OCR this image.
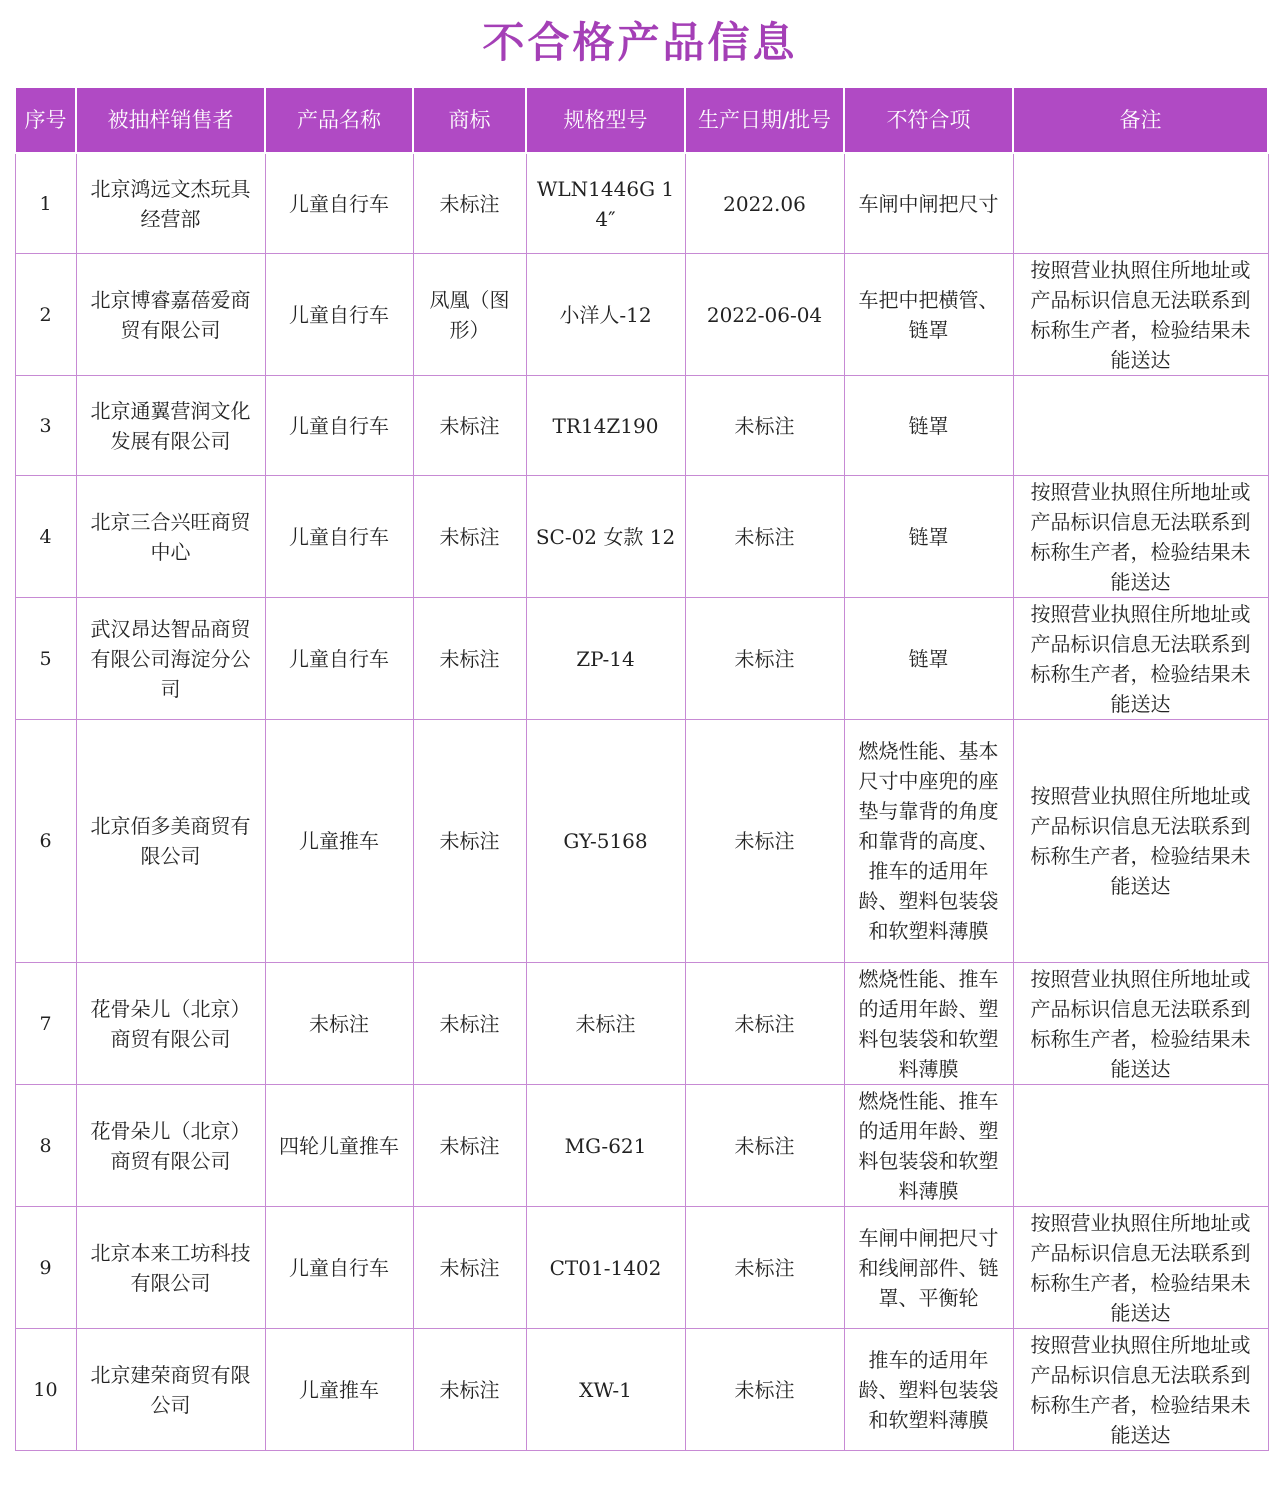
不合格产品信息
序号	被抽样销售者	产品名称	商标	规格型号	生产日期/批号	不符合项	备注
1	北京鸿远文杰玩具经营部	儿童自行车	未标注	WLN1446G 14″	2022.06	车闸中闸把尺寸	
2	北京博睿嘉蓓爱商贸有限公司	儿童自行车	凤凰（图形）	小洋人-12	2022-06-04	车把中把横管、链罩	按照营业执照住所地址或产品标识信息无法联系到标称生产者，检验结果未能送达
3	北京通翼营润文化发展有限公司	儿童自行车	未标注	TR14Z190	未标注	链罩	
4	北京三合兴旺商贸中心	儿童自行车	未标注	SC-02 女款 12	未标注	链罩	按照营业执照住所地址或产品标识信息无法联系到标称生产者，检验结果未能送达
5	武汉昂达智品商贸有限公司海淀分公司	儿童自行车	未标注	ZP-14	未标注	链罩	按照营业执照住所地址或产品标识信息无法联系到标称生产者，检验结果未能送达
6	北京佰多美商贸有限公司	儿童推车	未标注	GY-5168	未标注	燃烧性能、基本尺寸中座兜的座垫与靠背的角度和靠背的高度、推车的适用年龄、塑料包装袋和软塑料薄膜	按照营业执照住所地址或产品标识信息无法联系到标称生产者，检验结果未能送达
7	花骨朵儿（北京）商贸有限公司	未标注	未标注	未标注	未标注	燃烧性能、推车的适用年龄、塑料包装袋和软塑料薄膜	按照营业执照住所地址或产品标识信息无法联系到标称生产者，检验结果未能送达
8	花骨朵儿（北京）商贸有限公司	四轮儿童推车	未标注	MG-621	未标注	燃烧性能、推车的适用年龄、塑料包装袋和软塑料薄膜	
9	北京本来工坊科技有限公司	儿童自行车	未标注	CT01-1402	未标注	车闸中闸把尺寸和线闸部件、链罩、平衡轮	按照营业执照住所地址或产品标识信息无法联系到标称生产者，检验结果未能送达
10	北京建荣商贸有限公司	儿童推车	未标注	XW-1	未标注	推车的适用年龄、塑料包装袋和软塑料薄膜	按照营业执照住所地址或产品标识信息无法联系到标称生产者，检验结果未能送达
